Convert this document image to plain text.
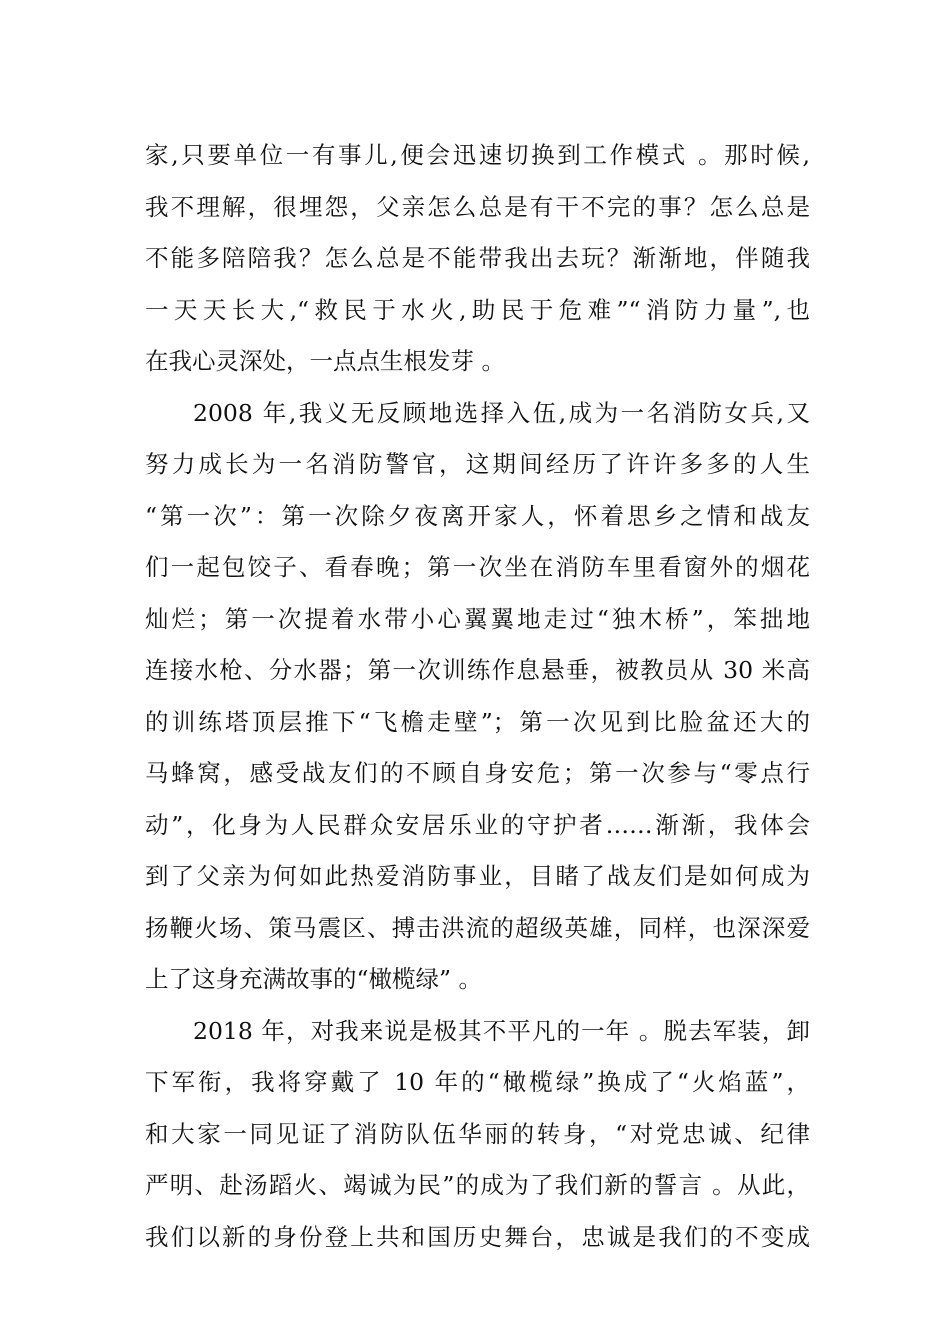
家,只要单位一有事儿,便会迅速切换到工作模式 。那时候,
我不理解，很埋怨，父亲怎么总是有干不完的事？怎么总是
不能多陪陪我？怎么总是不能带我出去玩？渐渐地，伴随我
一天天长大,“救民于水火,助民于危难”“消防力量”,也
在我心灵深处，一点点生根发芽 。
2008 年,我义无反顾地选择入伍,成为一名消防女兵,又
努力成长为一名消防警官，这期间经历了许许多多的人生
“第一次”：第一次除夕夜离开家人，怀着思乡之情和战友
们一起包饺子、看春晚；第一次坐在消防车里看窗外的烟花
灿烂；第一次提着水带小心翼翼地走过“独木桥”，笨拙地
连接水枪、分水器；第一次训练作息悬垂，被教员从 30 米高
的训练塔顶层推下“飞檐走壁”；第一次见到比脸盆还大的
马蜂窝，感受战友们的不顾自身安危；第一次参与“零点行
动”，化身为人民群众安居乐业的守护者……渐渐，我体会
到了父亲为何如此热爱消防事业，目睹了战友们是如何成为
扬鞭火场、策马震区、搏击洪流的超级英雄，同样，也深深爱
上了这身充满故事的“橄榄绿” 。
2018 年，对我来说是极其不平凡的一年 。脱去军装，卸
下军衔，我将穿戴了 10 年的“橄榄绿”换成了“火焰蓝”，
和大家一同见证了消防队伍华丽的转身，“对党忠诚、纪律
严明、赴汤蹈火、竭诚为民”的成为了我们新的誓言 。从此，
我们以新的身份登上共和国历史舞台，忠诚是我们的不变成
